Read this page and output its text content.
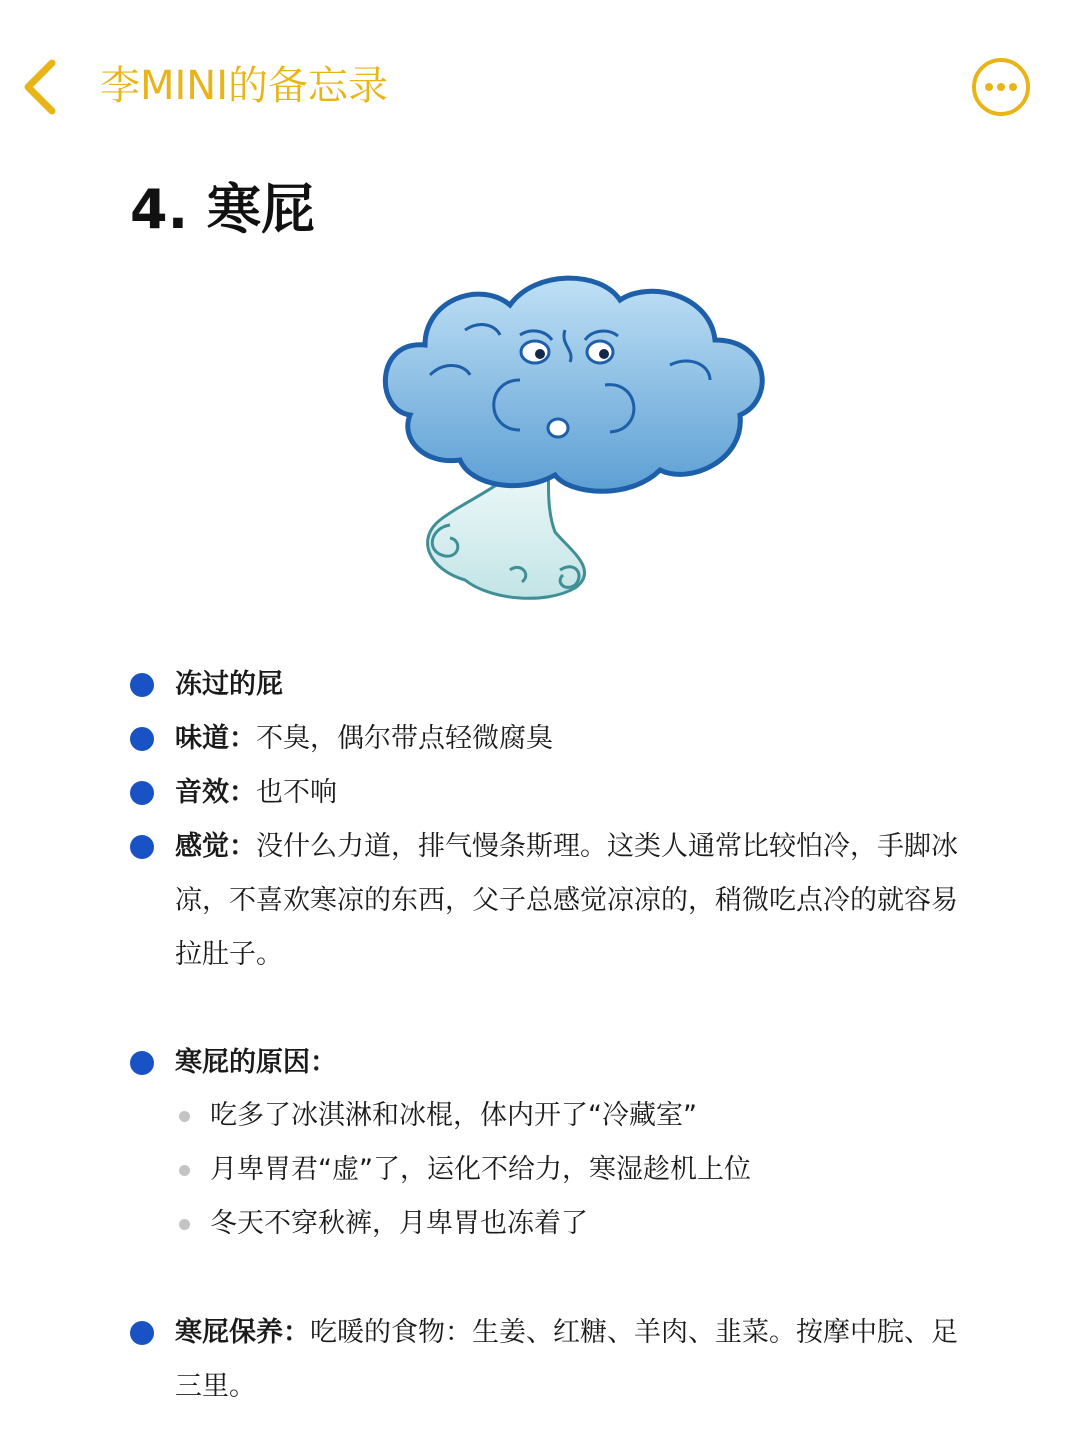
李MINI的备忘录
4. 寒屁
冻过的屁
味道：不臭，偶尔带点轻微腐臭
音效：也不响
感觉：没什么力道，排气慢条斯理。这类人通常比较怕冷，手脚冰凉，不喜欢寒凉的东西，父子总感觉凉凉的，稍微吃点冷的就容易拉肚子。
寒屁的原因：
吃多了冰淇淋和冰棍，体内开了“冷藏室”
月卑胃君“虚”了，运化不给力，寒湿趁机上位
冬天不穿秋裤，月卑胃也冻着了
寒屁保养：吃暖的食物：生姜、红糖、羊肉、韭菜。按摩中脘、足三里。
